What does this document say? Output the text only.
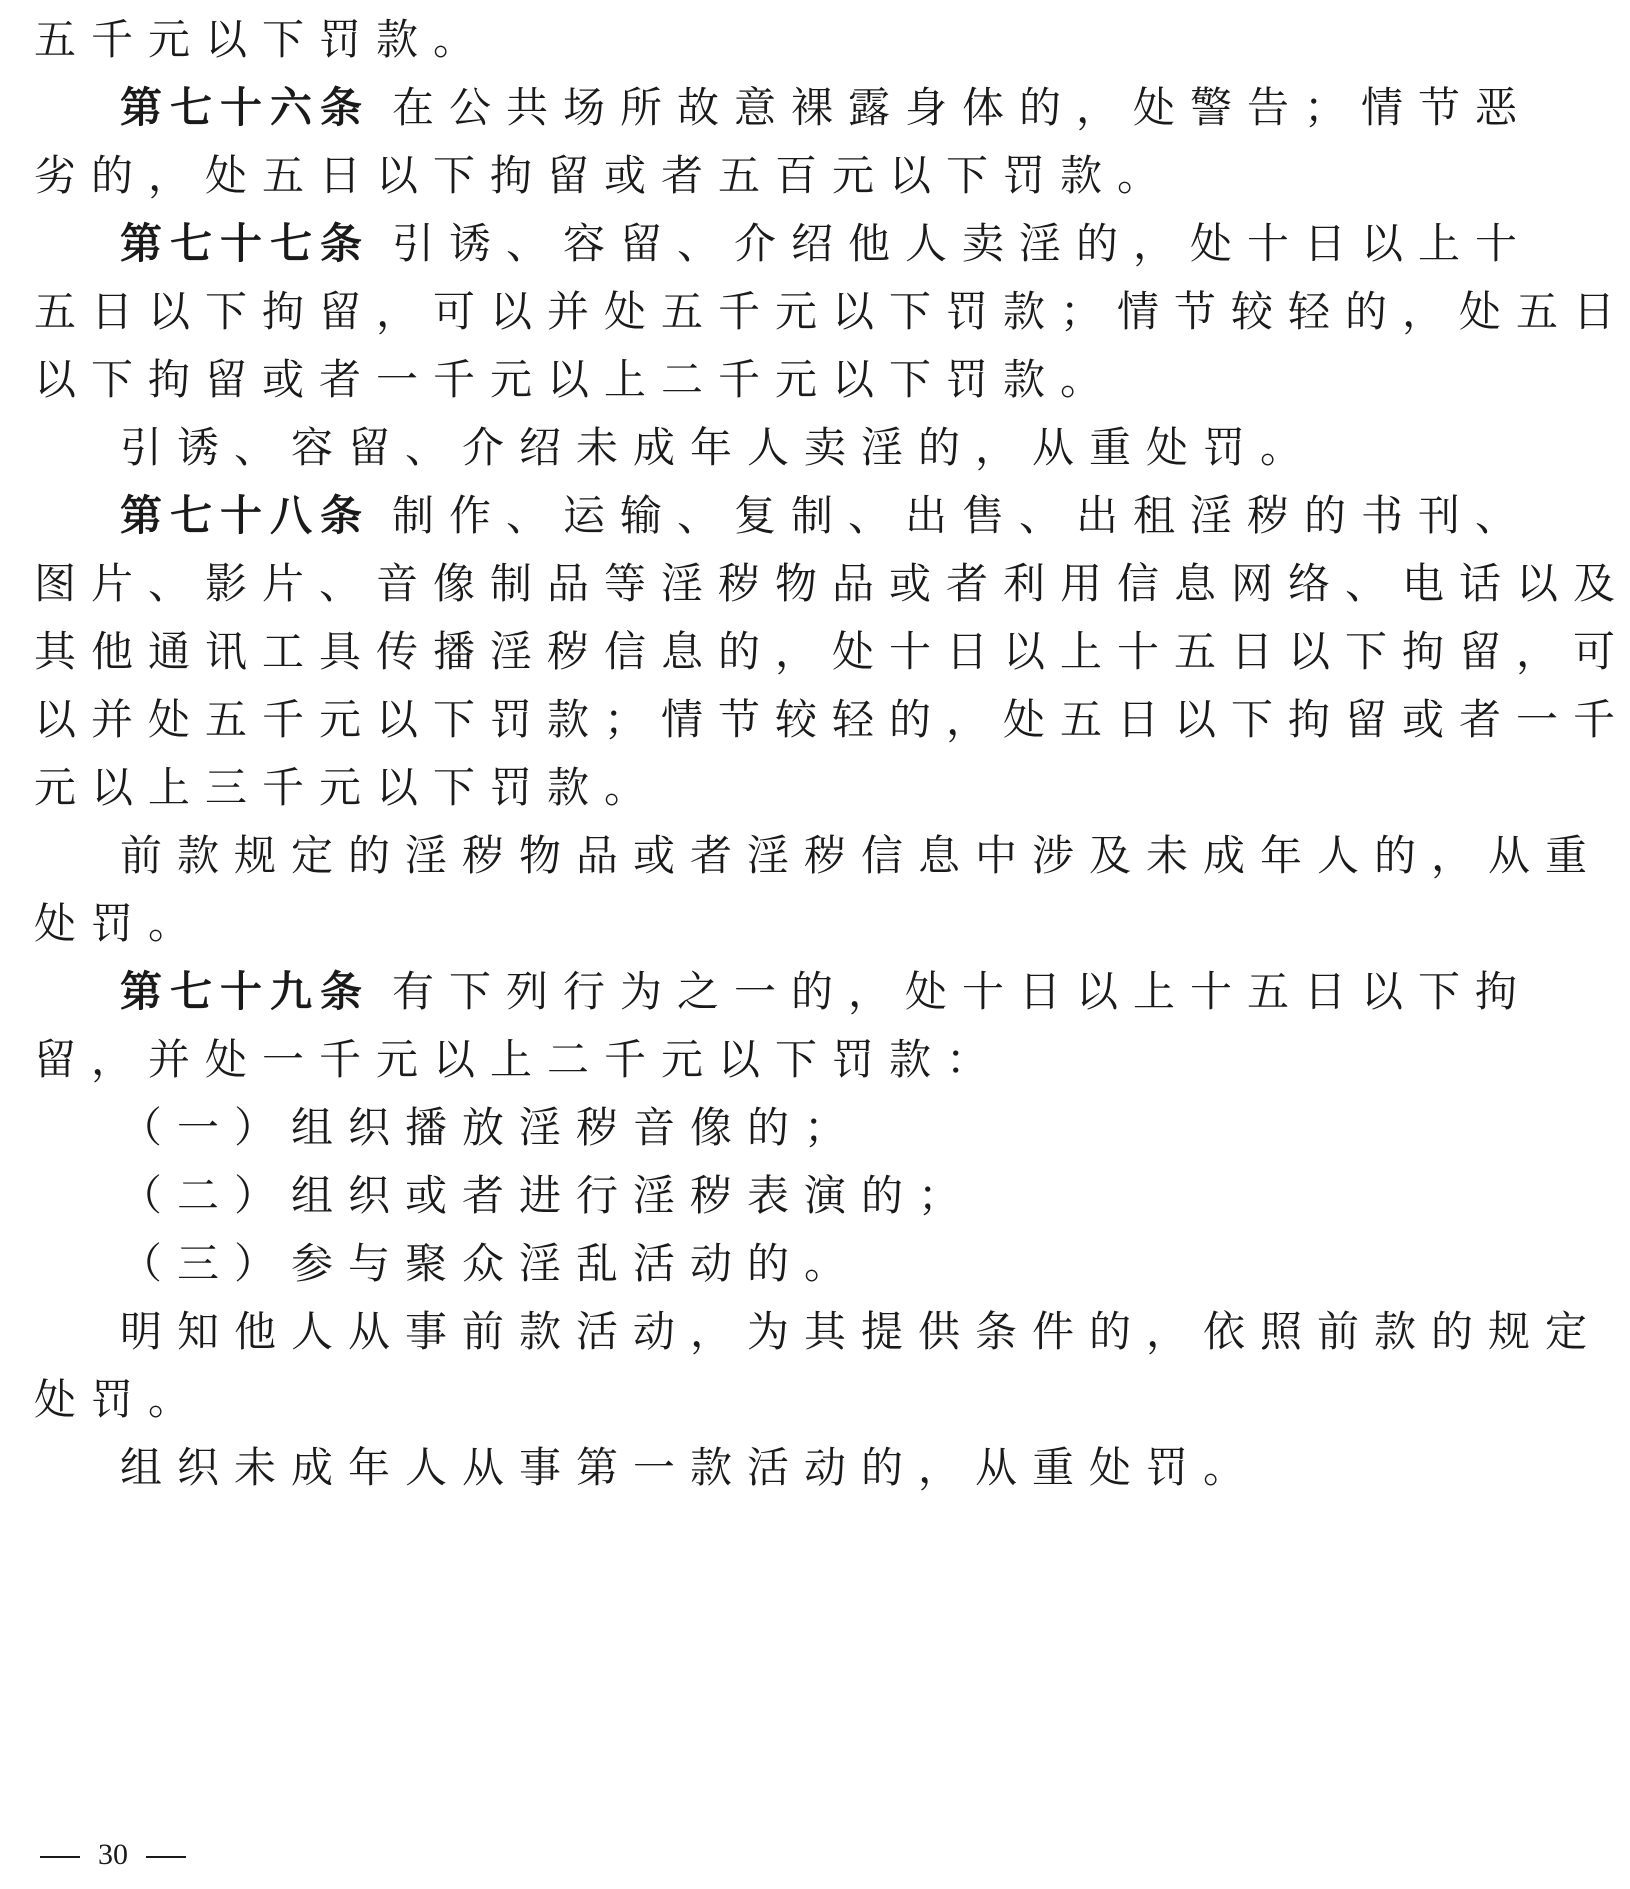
五千元以下罚款。
第七十六条 在公共场所故意裸露身体的，处警告；情节恶
劣的，处五日以下拘留或者五百元以下罚款。
第七十七条 引诱、容留、介绍他人卖淫的，处十日以上十
五日以下拘留，可以并处五千元以下罚款；情节较轻的，处五日
以下拘留或者一千元以上二千元以下罚款。
引诱、容留、介绍未成年人卖淫的，从重处罚。
第七十八条 制作、运输、复制、出售、出租淫秽的书刊、
图片、影片、音像制品等淫秽物品或者利用信息网络、电话以及
其他通讯工具传播淫秽信息的，处十日以上十五日以下拘留，可
以并处五千元以下罚款；情节较轻的，处五日以下拘留或者一千
元以上三千元以下罚款。
前款规定的淫秽物品或者淫秽信息中涉及未成年人的，从重
处罚。
第七十九条 有下列行为之一的，处十日以上十五日以下拘
留，并处一千元以上二千元以下罚款：
（一）组织播放淫秽音像的；
（二）组织或者进行淫秽表演的；
（三）参与聚众淫乱活动的。
明知他人从事前款活动，为其提供条件的，依照前款的规定
处罚。
组织未成年人从事第一款活动的，从重处罚。
30
